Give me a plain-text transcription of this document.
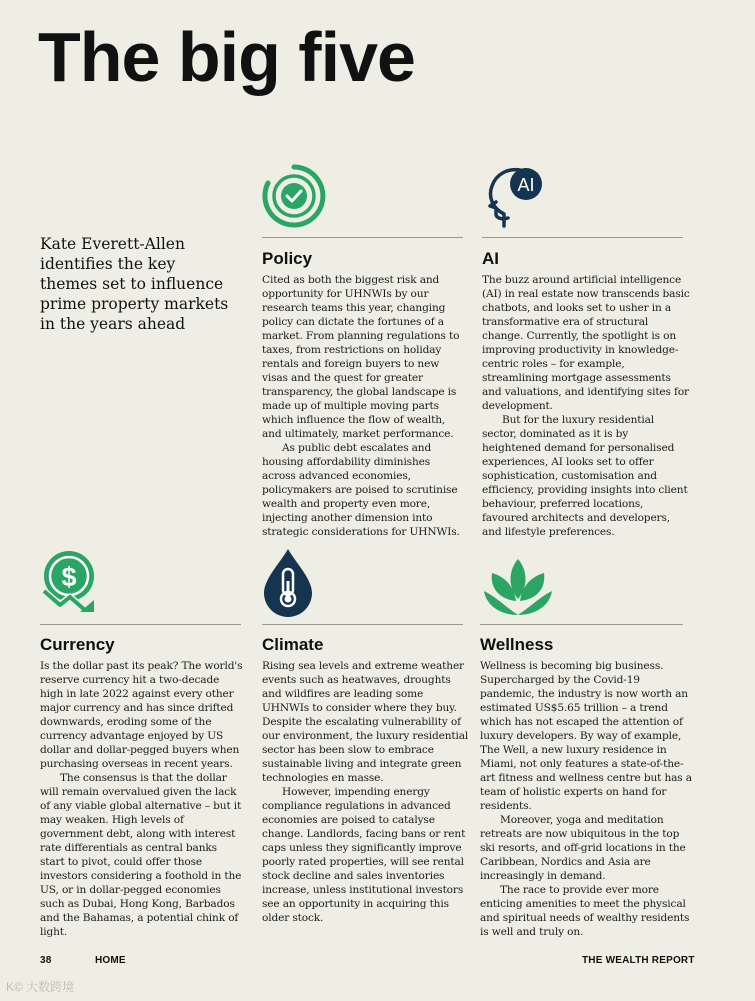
The big five
Kate Everett-Allen identifies the key themes set to influence prime property markets in the years ahead
AI
$
Policy

Cited as both the biggest risk and opportunity for UHNWIs by our research teams this year, changing policy can dictate the fortunes of a market. From planning regulations to taxes, from restrictions on holiday rentals and foreign buyers to new visas and the quest for greater transparency, the global landscape is made up of multiple moving parts which influence the flow of wealth, and ultimately, market performance.

As public debt escalates and housing affordability diminishes across advanced economies, policymakers are poised to scrutinise wealth and property even more, injecting another dimension into strategic considerations for UHNWIs.

AI

The buzz around artificial intelligence (AI) in real estate now transcends basic chatbots, and looks set to usher in a transformative era of structural change. Currently, the spotlight is on improving productivity in knowledge-centric roles – for example, streamlining mortgage assessments and valuations, and identifying sites for development.

But for the luxury residential sector, dominated as it is by heightened demand for personalised experiences, AI looks set to offer sophistication, customisation and efficiency, providing insights into client behaviour, preferred locations, favoured architects and developers, and lifestyle preferences.

Currency

Is the dollar past its peak? The world's reserve currency hit a two-decade high in late 2022 against every other major currency and has since drifted downwards, eroding some of the currency advantage enjoyed by US dollar and dollar-pegged buyers when purchasing overseas in recent years.

The consensus is that the dollar will remain overvalued given the lack of any viable global alternative – but it may weaken. High levels of government debt, along with interest rate differentials as central banks start to pivot, could offer those investors considering a foothold in the US, or in dollar-pegged economies such as Dubai, Hong Kong, Barbados and the Bahamas, a potential chink of light.

Climate

Rising sea levels and extreme weather events such as heatwaves, droughts and wildfires are leading some UHNWIs to consider where they buy. Despite the escalating vulnerability of our environment, the luxury residential sector has been slow to embrace sustainable living and integrate green technologies en masse.

However, impending energy compliance regulations in advanced economies are poised to catalyse change. Landlords, facing bans or rent caps unless they significantly improve poorly rated properties, will see rental stock decline and sales inventories increase, unless institutional investors see an opportunity in acquiring this older stock.

Wellness

Wellness is becoming big business. Supercharged by the Covid-19 pandemic, the industry is now worth an estimated US$5.65 trillion – a trend which has not escaped the attention of luxury developers. By way of example, The Well, a new luxury residence in Miami, not only features a state-of-the-art fitness and wellness centre but has a team of holistic experts on hand for residents.

Moreover, yoga and meditation retreats are now ubiquitous in the top ski resorts, and off-grid locations in the Caribbean, Nordics and Asia are increasingly in demand.

The race to provide ever more enticing amenities to meet the physical and spiritual needs of wealthy residents is well and truly on.

38	HOME	THE WEALTH REPORT
K© 大数跨境
